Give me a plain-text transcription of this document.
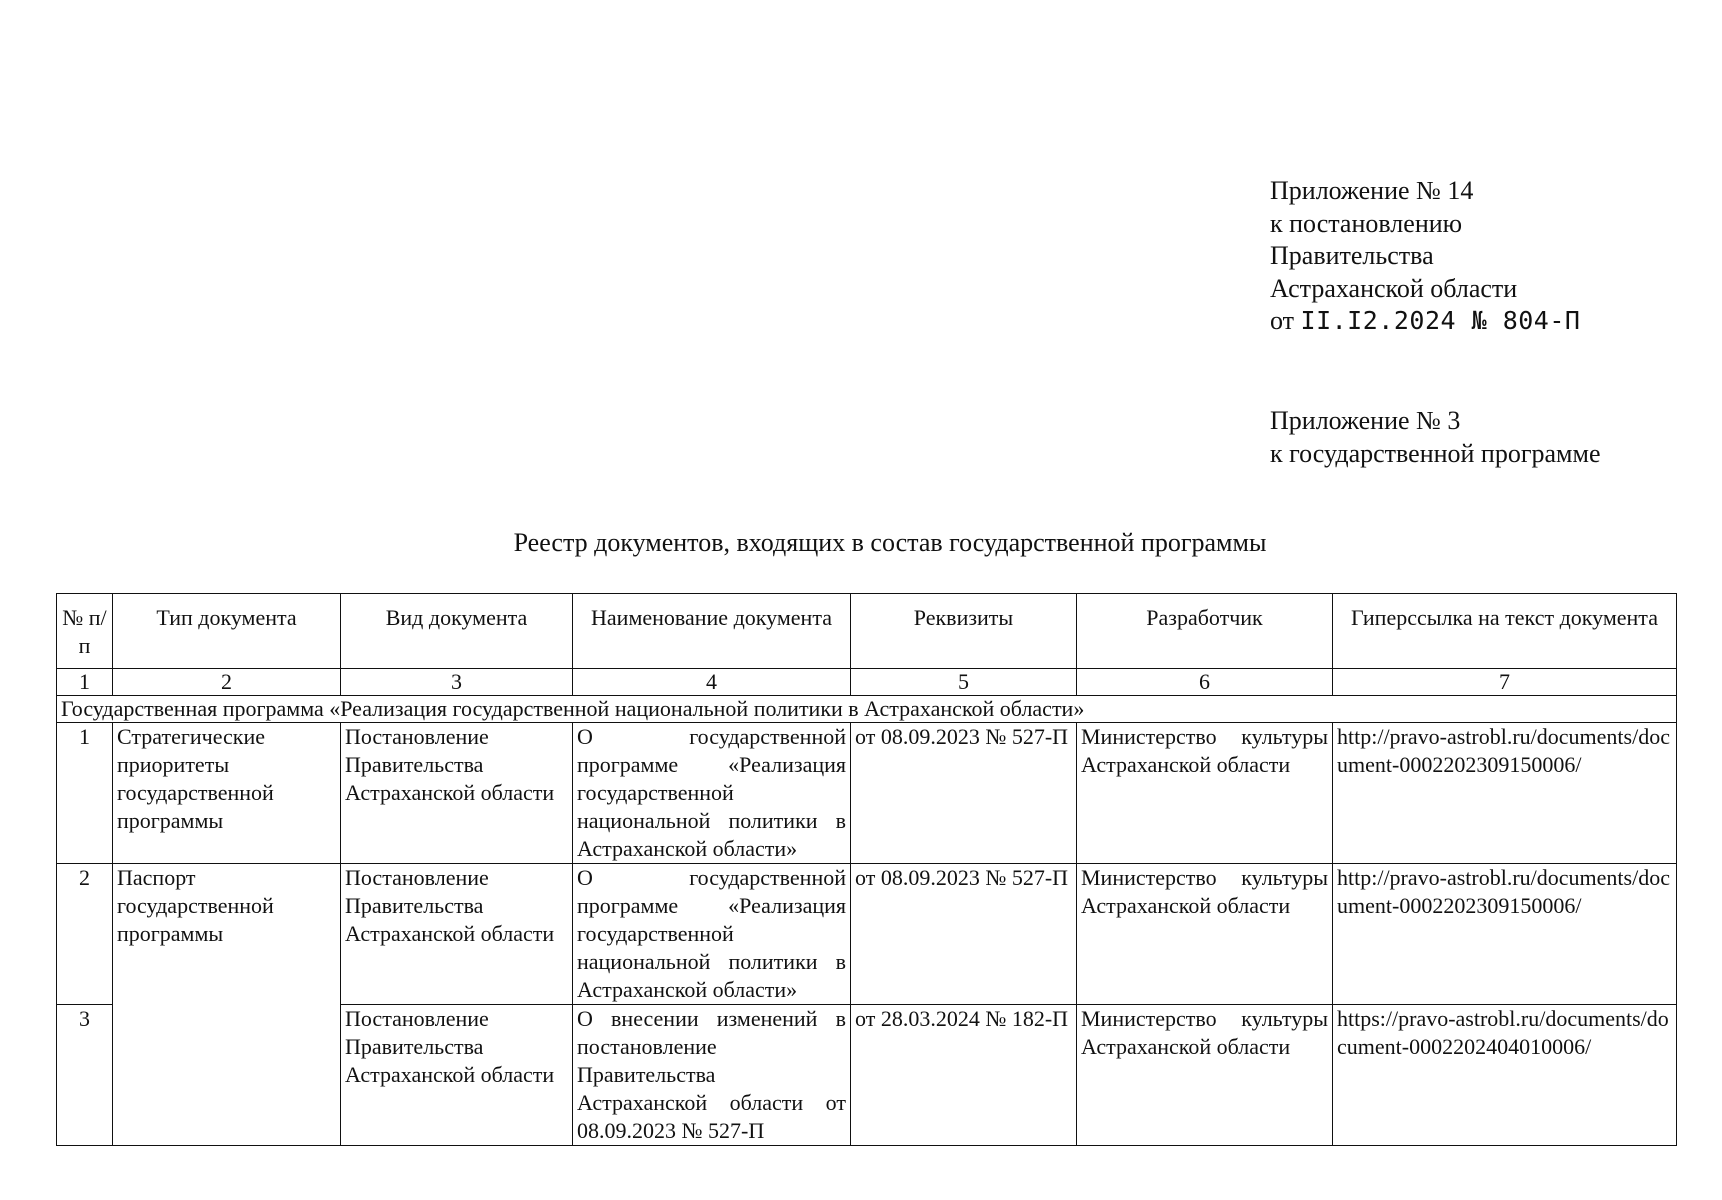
Приложение № 14
к постановлению
Правительства
Астраханской области
от II.I2.2024 № 804-П
Приложение № 3
к государственной программе
Реестр документов, входящих в состав государственной программы
№ п/п	Тип документа	Вид документа	Наименование документа	Реквизиты	Разработчик	Гиперссылка на текст документа
1	2	3	4	5	6	7
Государственная программа «Реализация государственной национальной политики в Астраханской области»						
1	Стратегические приоритеты государственной программы	Постановление Правительства Астраханской области	О государственной программе «Реализация государственной национальной политики в Астраханской области»	от 08.09.2023 № 527-П	Министерство культуры Астраханской области	http://pravo-astrobl.ru/documents/document-0002202309150006/
2	Паспорт государственной программы	Постановление Правительства Астраханской области	О государственной программе «Реализация государственной национальной политики в Астраханской области»	от 08.09.2023 № 527-П	Министерство культуры Астраханской области	http://pravo-astrobl.ru/documents/document-0002202309150006/
3		Постановление Правительства Астраханской области	О внесении изменений в постановление Правительства Астраханской области от 08.09.2023 № 527-П	от 28.03.2024 № 182-П	Министерство культуры Астраханской области	https://pravo-astrobl.ru/documents/document-0002202404010006/
